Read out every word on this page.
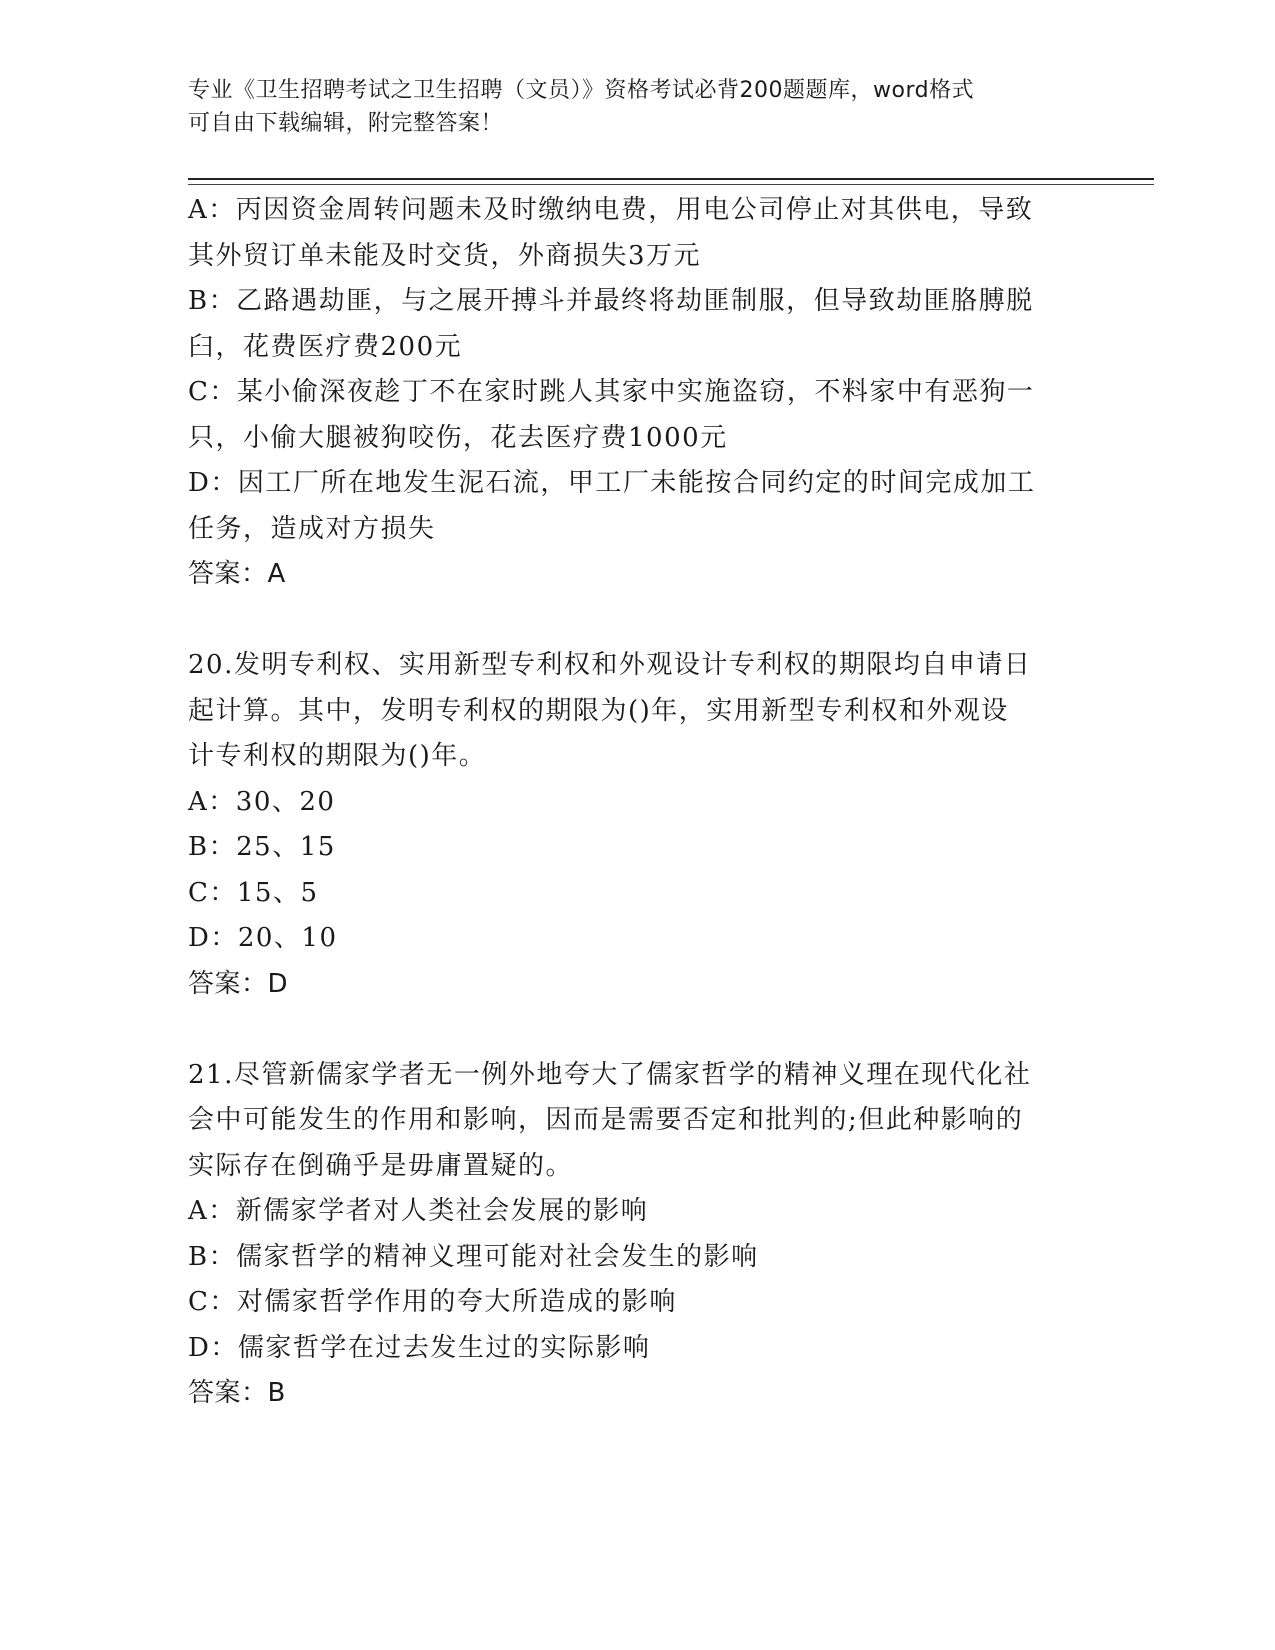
专业《卫生招聘考试之卫生招聘（文员）》资格考试必背200题题库，word格式
可自由下载编辑，附完整答案！
A：丙因资金周转问题未及时缴纳电费，用电公司停止对其供电，导致
其外贸订单未能及时交货，外商损失3万元
B：乙路遇劫匪，与之展开搏斗并最终将劫匪制服，但导致劫匪胳膊脱
臼，花费医疗费200元
C：某小偷深夜趁丁不在家时跳人其家中实施盗窃，不料家中有恶狗一
只，小偷大腿被狗咬伤，花去医疗费1000元
D：因工厂所在地发生泥石流，甲工厂未能按合同约定的时间完成加工
任务，造成对方损失
答案：A
20.发明专利权、实用新型专利权和外观设计专利权的期限均自申请日
起计算。其中，发明专利权的期限为()年，实用新型专利权和外观设
计专利权的期限为()年。
A：30、20
B：25、15
C：15、5
D：20、10
答案：D
21.尽管新儒家学者无一例外地夸大了儒家哲学的精神义理在现代化社
会中可能发生的作用和影响，因而是需要否定和批判的;但此种影响的
实际存在倒确乎是毋庸置疑的。
A：新儒家学者对人类社会发展的影响
B：儒家哲学的精神义理可能对社会发生的影响
C：对儒家哲学作用的夸大所造成的影响
D：儒家哲学在过去发生过的实际影响
答案：B
